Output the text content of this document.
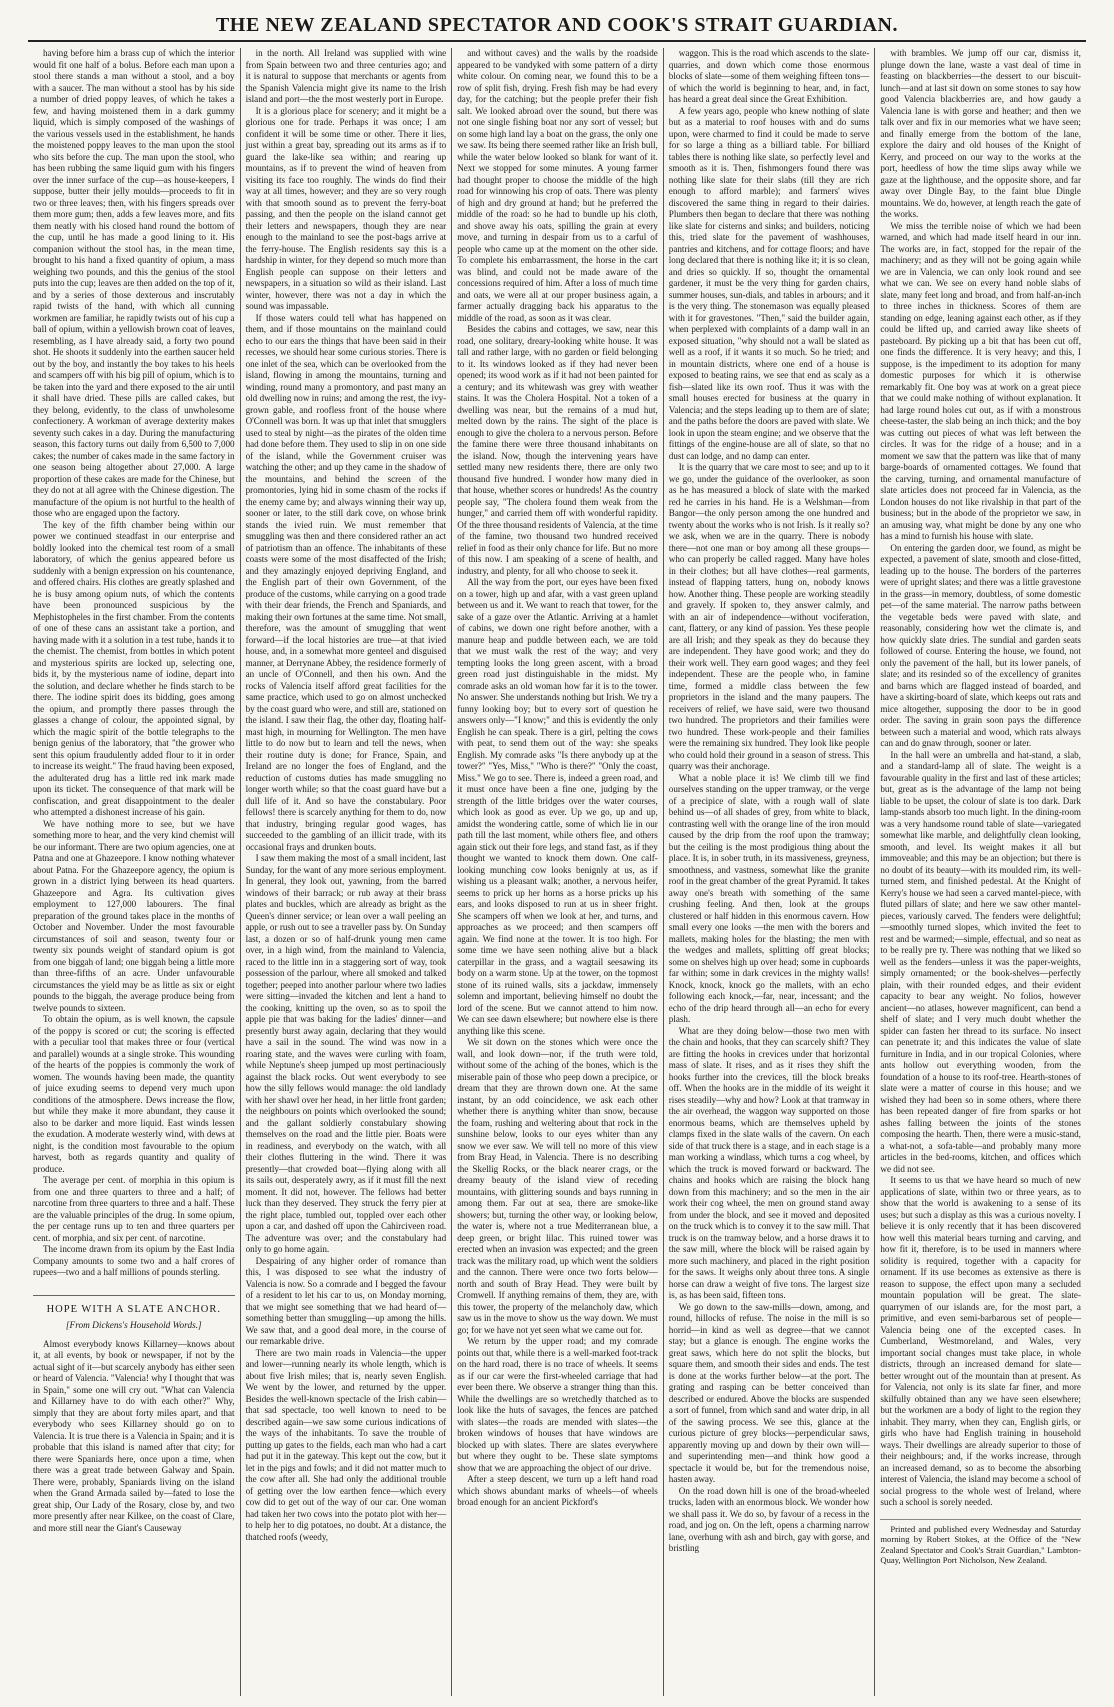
THE NEW ZEALAND SPECTATOR AND COOK'S STRAIT GUARDIAN.

having before him a brass cup of which the interior would fit one half of a bolus. Before each man upon a stool there stands a man without a stool, and a boy with a saucer. The man without a stool has by his side a number of dried poppy leaves, of which he takes a few, and having moistened them in a dark gummy liquid, which is simply composed of the washings of the various vessels used in the establishment, he hands the moistened poppy leaves to the man upon the stool who sits before the cup. The man upon the stool, who has been rubbing the same liquid gum with his fingers over the inner surface of the cup—as house-keepers, I suppose, butter their jelly moulds—proceeds to fit in two or three leaves; then, with his fingers spreads over them more gum; then, adds a few leaves more, and fits them neatly with his closed hand round the bottom of the cup, until he has made a good lining to it. His companion without the stool has, in the mean time, brought to his hand a fixed quantity of opium, a mass weighing two pounds, and this the genius of the stool puts into the cup; leaves are then added on the top of it, and by a series of those dexterous and inscrutably rapid twists of the hand, with which all cunning workmen are familiar, he rapidly twists out of his cup a ball of opium, within a yellowish brown coat of leaves, resembling, as I have already said, a forty two pound shot. He shoots it suddenly into the earthen saucer held out by the boy, and instantly the boy takes to his heels and scampers off with his big pill of opium, which is to be taken into the yard and there exposed to the air until it shall have dried. These pills are called cakes, but they belong, evidently, to the class of unwholesome confectionery. A workman of average dexterity makes seventy such cakes in a day. During the manufacturing season, this factory turns out daily from 6,500 to 7,000 cakes; the number of cakes made in the same factory in one season being altogether about 27,000. A large proportion of these cakes are made for the Chinese, but they do not at all agree with the Chinese digestion. The manufacture of the opium is not hurtful to the health of those who are engaged upon the factory.

The key of the fifth chamber being within our power we continued steadfast in our enterprise and boldly looked into the chemical test room of a small laboratory, of which the genius appeared before us suddenly with a benign expression on his countenance, and offered chairs. His clothes are greatly splashed and he is busy among opium nuts, of which the contents have been pronounced suspicious by the Mephistopheles in the first chamber. From the contents of one of these cans an assistant take a portion, and having made with it a solution in a test tube, hands it to the chemist. The chemist, from bottles in which potent and mysterious spirits are locked up, selecting one, bids it, by the mysterious name of iodine, depart into the solution, and declare whether he finds starch to be there. The iodine spirit does its bidding, goes among the opium, and promptly there passes through the glasses a change of colour, the appointed signal, by which the magic spirit of the bottle telegraphs to the benign genius of the laboratory, that "the grower who sent this opium fraudulently added flour to it in order to increase its weight." The fraud having been exposed, the adulterated drug has a little red ink mark made upon its ticket. The consequence of that mark will be confiscation, and great disappointment to the dealer who attempted a dishonest increase of his gain.

We have nothing more to see, but we have something more to hear, and the very kind chemist will be our informant. There are two opium agencies, one at Patna and one at Ghazeepore. I know nothing whatever about Patna. For the Ghazeepore agency, the opium is grown in a district lying between its head quarters. Ghazeepore and Agra. Its cultivation gives employment to 127,000 labourers. The final preparation of the ground takes place in the months of October and November. Under the most favourable circumstances of soil and season, twenty four or twenty six pounds weight of standard opium is got from one biggah of land; one biggah being a little more than three-fifths of an acre. Under unfavourable circumstances the yield may be as little as six or eight pounds to the biggah, the average produce being from twelve pounds to sixteen.

To obtain the opium, as is well known, the capsule of the poppy is scored or cut; the scoring is effected with a peculiar tool that makes three or four (vertical and parallel) wounds at a single stroke. This wounding of the hearts of the poppies is commonly the work of women. The wounds having been made, the quantity of juice exuding seems to depend very much upon conditions of the atmosphere. Dews increase the flow, but while they make it more abundant, they cause it also to be darker and more liquid. East winds lessen the exudation. A moderate westerly wind, with dews at night, is the condition most favourable to the opium harvest, both as regards quantity and quality of produce.

The average per cent. of morphia in this opium is from one and three quarters to three and a half; of narcotine from three quarters to three and a half. These are the valuable principles of the drug. In some opium, the per centage runs up to ten and three quarters per cent. of morphia, and six per cent. of narcotine.

The income drawn from its opium by the East India Company amounts to some two and a half crores of rupees—two and a half millions of pounds sterling.

HOPE WITH A SLATE ANCHOR.
[From Dickens's Household Words.]

Almost everybody knows Killarney—knows about it, at all events, by book or newspaper, if not by the actual sight of it—but scarcely anybody has either seen or heard of Valencia. "Valencia! why I thought that was in Spain," some one will cry out. "What can Valencia and Killarney have to do with each other?" Why, simply that they are about forty miles apart, and that everybody who sees Killarney should go on to Valencia. It is true there is a Valencia in Spain; and it is probable that this island is named after that city; for there were Spaniards here, once upon a time, when there was a great trade between Galway and Spain. There were, probably, Spaniards living on the island when the Grand Armada sailed by—fated to lose the great ship, Our Lady of the Rosary, close by, and two more presently after near Kilkee, on the coast of Clare, and more still near the Giant's Causeway

in the north. All Ireland was supplied with wine from Spain between two and three centuries ago; and it is natural to suppose that merchants or agents from the Spanish Valencia might give its name to the Irish island and port—the the most westerly port in Europe.

It is a glorious place for scenery; and it might be a glorious one for trade. Perhaps it was once; I am confident it will be some time or other. There it lies, just within a great bay, spreading out its arms as if to guard the lake-like sea within; and rearing up mountains, as if to prevent the wind of heaven from visiting its face too roughly. The winds do find their way at all times, however; and they are so very rough with that smooth sound as to prevent the ferry-boat passing, and then the people on the island cannot get their letters and newspapers, though they are near enough to the mainland to see the post-bags arrive at the ferry-house. The English residents say this is a hardship in winter, for they depend so much more than English people can suppose on their letters and newspapers, in a situation so wild as their island. Last winter, however, there was not a day in which the sound was impassable.

If those waters could tell what has happened on them, and if those mountains on the mainland could echo to our ears the things that have been said in their recesses, we should hear some curious stories. There is one inlet of the sea, which can be overlooked from the island, flowing in among the mountains, turning and winding, round many a promontory, and past many an old dwelling now in ruins; and among the rest, the ivy-grown gable, and roofless front of the house where O'Connell was born. It was up that inlet that smugglers used to steal by night—as the pirates of the olden time had done before them. They used to slip in on one side of the island, while the Government cruiser was watching the other; and up they came in the shadow of the mountains, and behind the screen of the promontories, lying hid in some chasm of the rocks if the enemy came by; and always winning their way up, sooner or later, to the still dark cove, on whose brink stands the ivied ruin. We must remember that smuggling was then and there considered rather an act of patriotism than an offence. The inhabitants of these coasts were some of the most disaffected of the Irish; and they amazingly enjoyed depriving England, and the English part of their own Government, of the produce of the customs, while carrying on a good trade with their dear friends, the French and Spaniards, and making their own fortunes at the same time. Not small, therefore, was the amount of smuggling that went forward—if the local histories are true—at that ivied house, and, in a somewhat more genteel and disguised manner, at Derrynane Abbey, the residence formerly of an uncle of O'Connell, and then his own. And the rocks of Valencia itself afford great facilities for the same practice, which used to go on almost unchecked by the coast guard who were, and still are, stationed on the island. I saw their flag, the other day, floating half-mast high, in mourning for Wellington. The men have little to do now but to learn and tell the news, when their routine duty is done; for France, Spain, and Ireland are no longer the foes of England, and the reduction of customs duties has made smuggling no longer worth while; so that the coast guard have but a dull life of it. And so have the constabulary. Poor fellows! there is scarcely anything for them to do, now that industry, bringing regular good wages, has succeeded to the gambling of an illicit trade, with its occasional frays and drunken bouts.

I saw them making the most of a small incident, last Sunday, for the want of any more serious employment. In general, they look out, yawning, from the barred windows of their barrack; or rub away at their brass plates and buckles, which are already as bright as the Queen's dinner service; or lean over a wall peeling an apple, or rush out to see a traveller pass by. On Sunday last, a dozen or so of half-drunk young men came over, in a high wind, from the mainland to Valencia, raced to the little inn in a staggering sort of way, took possession of the parlour, where all smoked and talked together; peeped into another parlour where two ladies were sitting—invaded the kitchen and lent a hand to the cooking, knitting up the oven, so as to spoil the apple pie that was baking for the ladies' dinner—and presently burst away again, declaring that they would have a sail in the sound. The wind was now in a roaring state, and the waves were curling with foam, while Neptune's sheep jumped up most pertinaciously against the black rocks. Out went everybody to see how the silly fellows would manage: the old landlady with her shawl over her head, in her little front garden; the neighbours on points which overlooked the sound; and the gallant soldierly constabulary showing themselves on the road and the little pier. Boats were in readiness, and everybody on the watch, with all their clothes fluttering in the wind. There it was presently—that crowded boat—flying along with all its sails out, desperately awry, as if it must fill the next moment. It did not, however. The fellows had better luck than they deserved. They struck the ferry pier at the right place, tumbled out, toppled over each other upon a car, and dashed off upon the Cahirciveen road. The adventure was over; and the constabulary had only to go home again.

Despairing of any higher order of romance than this, I was disposed to see what the industry of Valencia is now. So a comrade and I begged the favour of a resident to let his car to us, on Monday morning, that we might see something that we had heard of—something better than smuggling—up among the hills. We saw that, and a good deal more, in the course of our remarkable drive.

There are two main roads in Valencia—the upper and lower—running nearly its whole length, which is about five Irish miles; that is, nearly seven English. We went by the lower, and returned by the upper. Besides the well-known spectacle of the Irish cabin—that sad spectacle, too well known to need to be described again—we saw some curious indications of the ways of the inhabitants. To save the trouble of putting up gates to the fields, each man who had a cart had put it in the gateway. This kept out the cow, but it let in the pigs and fowls; and it did not matter much to the cow after all. She had only the additional trouble of getting over the low earthen fence—which every cow did to get out of the way of our car. One woman had taken her two cows into the potato plot with her—to help her to dig potatoes, no doubt. At a distance, the thatched roofs (weedy,

and without caves) and the walls by the roadside appeared to be vandyked with some pattern of a dirty white colour. On coming near, we found this to be a row of split fish, drying. Fresh fish may be had every day, for the catching; but the people prefer their fish salt. We looked abroad over the sound, but there was not one single fishing boat nor any sort of vessel; but on some high land lay a boat on the grass, the only one we saw. Its being there seemed rather like an Irish bull, while the water below looked so blank for want of it. Next we stopped for some minutes. A young farmer had thought proper to choose the middle of the high road for winnowing his crop of oats. There was plenty of high and dry ground at hand; but he preferred the middle of the road: so he had to bundle up his cloth, and shove away his oats, spilling the grain at every move, and turning in despair from us to a carful of people who came up at the moment on the other side. To complete his embarrassment, the horse in the cart was blind, and could not be made aware of the concessions required of him. After a loss of much time and oats, we were all at our proper business again, a farmer actually dragging back his apparatus to the middle of the road, as soon as it was clear.

Besides the cabins and cottages, we saw, near this road, one solitary, dreary-looking white house. It was tall and rather large, with no garden or field belonging to it. Its windows looked as if they had never been opened; its wood work as if it had not been painted for a century; and its whitewash was grey with weather stains. It was the Cholera Hospital. Not a token of a dwelling was near, but the remains of a mud hut, melted down by the rains. The sight of the place is enough to give the cholera to a nervous person. Before the famine there were three thousand inhabitants on the island. Now, though the intervening years have settled many new residents there, there are only two thousand five hundred. I wonder how many died in that house, whether scores or hundreds! As the country people say, "The cholera found them weak from the hunger," and carried them off with wonderful rapidity. Of the three thousand residents of Valencia, at the time of the famine, two thousand two hundred received relief in food as their only chance for life. But no more of this now. I am speaking of a scene of health, and industry, and plenty, for all who choose to seek it.

All the way from the port, our eyes have been fixed on a tower, high up and afar, with a vast green upland between us and it. We want to reach that tower, for the sake of a gaze over the Atlantic. Arriving at a hamlet of cabins, we down one right before another, with a manure heap and puddle between each, we are told that we must walk the rest of the way; and very tempting looks the long green ascent, with a broad green road just distinguishable in the midst. My comrade asks an old woman how far it is to the tower. No answer. She understands nothing but Irish. We try a funny looking boy; but to every sort of question he answers only—"I know;" and this is evidently the only English he can speak. There is a girl, pelting the cows with peat, to send them out of the way: she speaks English. My comrade asks "Is there anybody up at the tower?" "Yes, Miss," "Who is there?" "Only the coast, Miss." We go to see. There is, indeed a green road, and it must once have been a fine one, judging by the strength of the little bridges over the water courses, which look as good as ever. Up we go, up and up, amidst the wondering cattle, some of which lie in our path till the last moment, while others flee, and others again stick out their fore legs, and stand fast, as if they thought we wanted to knock them down. One calf-looking munching cow looks benignly at us, as if wishing us a pleasant walk; another, a nervous heifer, seems to prick up her horns as a horse pricks up his ears, and looks disposed to run at us in sheer fright. She scampers off when we look at her, and turns, and approaches as we proceed; and then scampers off again. We find none at the tower. It is too high. For some time we have seen nothing alive but a black caterpillar in the grass, and a wagtail seesawing its body on a warm stone. Up at the tower, on the topmost stone of its ruined walls, sits a jackdaw, immensely solemn and important, believing himself no doubt the lord of the scene. But we cannot attend to him now. We can see dawn elsewhere; but nowhere else is there anything like this scene.

We sit down on the stones which were once the wall, and look down—nor, if the truth were told, without some of the aching of the bones, which is the miserable pain of those who peep down a precipice, or dream that they are thrown down one. At the same instant, by an odd coincidence, we ask each other whether there is anything whiter than snow, because the foam, rushing and weltering about that rock in the sunshine below, looks to our eyes whiter than any snow we ever saw. We will tell no more of this view from Bray Head, in Valencia. There is no describing the Skellig Rocks, or the black nearer crags, or the dreamy beauty of the island view of receding mountains, with glittering sounds and bays running in among them. Far out at sea, there are smoke-like showers; but, turning the other way, or looking below, the water is, where not a true Mediterranean blue, a deep green, or bright lilac. This ruined tower was erected when an invasion was expected; and the green track was the military road, up which went the soldiers and the cannon. There were once two forts below—north and south of Bray Head. They were built by Cromwell. If anything remains of them, they are, with this tower, the property of the melancholy daw, which saw us in the move to show us the way down. We must go; for we have not yet seen what we came out for.

We return by the upper road; and my comrade points out that, while there is a well-marked foot-track on the hard road, there is no trace of wheels. It seems as if our car were the first-wheeled carriage that had ever been there. We observe a stranger thing than this. While the dwellings are so wretchedly thatched as to look like the huts of savages, the fences are patched with slates—the roads are mended with slates—the broken windows of houses that have windows are blocked up with slates. There are slates everywhere but where they ought to be. These slate symptoms show that we are approaching the object of our drive.

After a steep descent, we turn up a left hand road which shows abundant marks of wheels—of wheels broad enough for an ancient Pickford's

waggon. This is the road which ascends to the slate-quarries, and down which come those enormous blocks of slate—some of them weighing fifteen tons—of which the world is beginning to hear, and, in fact, has heard a great deal since the Great Exhibition.

A few years ago, people who knew nothing of slate but as a material to roof houses with and do sums upon, were charmed to find it could be made to serve for so large a thing as a billiard table. For billiard tables there is nothing like slate, so perfectly level and smooth as it is. Then, fishmongers found there was nothing like slate for their slabs (till they are rich enough to afford marble); and farmers' wives discovered the same thing in regard to their dairies. Plumbers then began to declare that there was nothing like slate for cisterns and sinks; and builders, noticing this, tried slate for the pavement of washhouses, pantries and kitchens, and for cottage floors; and have long declared that there is nothing like it; it is so clean, and dries so quickly. If so, thought the ornamental gardener, it must be the very thing for garden chairs, summer houses, sun-dials, and tables in arbours; and it is the very thing. The stonemason was equally pleased with it for gravestones. "Then," said the builder again, when perplexed with complaints of a damp wall in an exposed situation, "why should not a wall be slated as well as a roof, if it wants it so much. So he tried; and in mountain districts, where one end of a house is exposed to beating rains, we see that end as scaly as a fish—slated like its own roof. Thus it was with the small houses erected for business at the quarry in Valencia; and the steps leading up to them are of slate; and the paths before the doors are paved with slate. We look in upon the steam engine; and we observe that the fittings of the engine-house are all of slate, so that no dust can lodge, and no damp can enter.

It is the quarry that we care most to see; and up to it we go, under the guidance of the overlooker, as soon as he has measured a block of slate with the marked red he carries in his hand. He is a Welshman—from Bangor—the only person among the one hundred and twenty about the works who is not Irish. Is it really so? we ask, when we are in the quarry. There is nobody there—not one man or boy among all these groups—who can properly be called ragged. Many have holes in their clothes; but all have clothes—real garments, instead of flapping tatters, hung on, nobody knows how. Another thing. These people are working steadily and gravely. If spoken to, they answer calmly, and with an air of independence—without vociferation, cant, flattery, or any kind of passion. Yes these people are all Irish; and they speak as they do because they are independent. They have good work; and they do their work well. They earn good wages; and they feel independent. These are the people who, in famine time, formed a middle class between the few proprietors in the island and the many paupers. The receivers of relief, we have said, were two thousand two hundred. The proprietors and their families were two hundred. These work-people and their families were the remaining six hundred. They look like people who could hold their ground in a season of stress. This quarry was their anchorage.

What a noble place it is! We climb till we find ourselves standing on the upper tramway, or the verge of a precipice of slate, with a rough wall of slate behind us—of all shades of grey, from white to black, contrasting well with the orange line of the iron mould caused by the drip from the roof upon the tramway; but the ceiling is the most prodigious thing about the place. It is, in sober truth, in its massiveness, greyness, smoothness, and vastness, somewhat like the granite roof in the great chamber of the great Pyramid. It takes away one's breath with something of the same crushing feeling. And then, look at the groups clustered or half hidden in this enormous cavern. How small every one looks —the men with the borers and mallets, making holes for the blasting; the men with the wedges and mallets, splitting off great blocks; some on shelves high up over head; some in cupboards far within; some in dark crevices in the mighty walls! Knock, knock, knock go the mallets, with an echo following each knock,—far, near, incessant; and the echo of the drip heard through all—an echo for every plash.

What are they doing below—those two men with the chain and hooks, that they can scarcely shift? They are fitting the hooks in crevices under that horizontal mass of slate. It rises, and as it rises they shift the hooks further into the crevices, till the block breaks off. When the hooks are in the middle of its weight it rises steadily—why and how? Look at that tramway in the air overhead, the waggon way supported on those enormous beams, which are themselves upheld by clamps fixed in the slate walls of the cavern. On each side of that truck there is a stage, and in each stage is a man working a windlass, which turns a cog wheel, by which the truck is moved forward or backward. The chains and hooks which are raising the block hang down from this machinery; and so the men in the air work their cog wheel, the men on ground stand away from under the block, and see it moved and deposited on the truck which is to convey it to the saw mill. That truck is on the tramway below, and a horse draws it to the saw mill, where the block will be raised again by more such machinery, and placed in the right position for the saws. It weighs only about three tons. A single horse can draw a weight of five tons. The largest size is, as has been said, fifteen tons.

We go down to the saw-mills—down, among, and round, hillocks of refuse. The noise in the mill is so horrid—in kind as well as degree—that we cannot stay; but a glance is enough. The engine works the great saws, which here do not split the blocks, but square them, and smooth their sides and ends. The test is done at the works further below—at the port. The grating and rasping can be better conceived than described or endured. Above the blocks are suspended a sort of funnel, from which sand and water drip, in all of the sawing process. We see this, glance at the curious picture of grey blocks—perpendicular saws, apparently moving up and down by their own will—and superintending men—and think how good a spectacle it would be, but for the tremendous noise, hasten away.

On the road down hill is one of the broad-wheeled trucks, laden with an enormous block. We wonder how we shall pass it. We do so, by favour of a recess in the road, and jog on. On the left, opens a charming narrow lane, overhung with ash and birch, gay with gorse, and bristling

with brambles. We jump off our car, dismiss it, plunge down the lane, waste a vast deal of time in feasting on blackberries—the dessert to our biscuit-lunch—and at last sit down on some stones to say how good Valencia blackberries are, and how gaudy a Valencia lane is with gorse and heather; and then we talk over and fix in our memories what we have seen; and finally emerge from the bottom of the lane, explore the dairy and old houses of the Knight of Kerry, and proceed on our way to the works at the port, heedless of how the time slips away while we gaze at the lighthouse, and the opposite shore, and far away over Dingle Bay, to the faint blue Dingle mountains. We do, however, at length reach the gate of the works.

We miss the terrible noise of which we had been warned, and which had made itself heard in our inn. The works are, in fact, stopped for the repair of the machinery; and as they will not be going again while we are in Valencia, we can only look round and see what we can. We see on every hand noble slabs of slate, many feet long and broad, and from half-an-inch to three inches in thickness. Scores of them are standing on edge, leaning against each other, as if they could be lifted up, and carried away like sheets of pasteboard. By picking up a bit that has been cut off, one finds the difference. It is very heavy; and this, I suppose, is the impediment to its adoption for many domestic purposes for which it is otherwise remarkably fit. One boy was at work on a great piece that we could make nothing of without explanation. It had large round holes cut out, as if with a monstrous cheese-taster, the slab being an inch thick; and the boy was cutting out pieces of what was left between the circles. It was for the ridge of a house; and in a moment we saw that the pattern was like that of many barge-boards of ornamented cottages. We found that the carving, turning, and ornamental manufacture of slate articles does not proceed far in Valencia, as the London houses do not like rivalship in that part of the business; but in the abode of the proprietor we saw, in an amusing way, what might be done by any one who has a mind to furnish his house with slate.

On entering the garden door, we found, as might be expected, a pavement of slate, smooth and close-fitted, leading up to the house. The borders of the parterres were of upright slates; and there was a little gravestone in the grass—in memory, doubtless, of some domestic pet—of the same material. The narrow paths between the vegetable beds were paved with slate, and reasonably, considering how wet the climate is, and how quickly slate dries. The sundial and garden seats followed of course. Entering the house, we found, not only the pavement of the hall, but its lower panels, of slate; and its resinded so of the excellency of granites and barns which are flagged instead of boarded, and have a skirting-board of slate, which keeps out rats and mice altogether, supposing the door to be in good order. The saving in grain soon pays the difference between such a material and wood, which rats always can and do gnaw through, sooner or later.

In the hall were an umbrella and hat-stand, a slab, and a standard-lamp all of slate. The weight is a favourable quality in the first and last of these articles; but, great as is the advantage of the lamp not being liable to be upset, the colour of slate is too dark. Dark lamp-stands absorb too much light. In the dining-room was a very handsome round table of slate—variegated somewhat like marble, and delightfully clean looking, smooth, and level. Its weight makes it all but immoveable; and this may be an objection; but there is no doubt of its beauty—with its moulded rim, its well-turned stem, and finished pedestal. At the Knight of Kerry's house we had seen a carved mantel-piece, with fluted pillars of slate; and here we saw other mantel-pieces, variously carved. The fenders were delightful;—smoothly turned slopes, which invited the feet to rest and be warmed;—simple, effectual, and so neat as to be really pre ty. There was nothing that we liked so well as the fenders—unless it was the paper-weights, simply ornamented; or the book-shelves—perfectly plain, with their rounded edges, and their evident capacity to bear any weight. No folios, however ancient—no atlases, however magnificent, can bend a shelf of slate; and I very much doubt whether the spider can fasten her thread to its surface. No insect can penetrate it; and this indicates the value of slate furniture in India, and in our tropical Colonies, where ants hollow out everything wooden, from the foundation of a house to its roof-tree. Hearth-stones of slate were a matter of course in this house; and we wished they had been so in some others, where there has been repeated danger of fire from sparks or hot ashes falling between the joints of the stones composing the hearth. Then, there were a music-stand, a what-not, a sofa-table—and probably many more articles in the bed-rooms, kitchen, and offices which we did not see.

It seems to us that we have heard so much of new applications of slate, within two or three years, as to show that the world is awakening to a sense of its uses; but such a display as this was a curious novelty. I believe it is only recently that it has been discovered how well this material bears turning and carving, and how fit it, therefore, is to be used in manners where solidity is required, together with a capacity for ornament. If its use becomes as extensive as there is reason to suppose, the effect upon many a secluded mountain population will be great. The slate-quarrymen of our islands are, for the most part, a primitive, and even semi-barbarous set of people—Valencia being one of the excepted cases. In Cumberland, Westmoreland, and Wales, very important social changes must take place, in whole districts, through an increased demand for slate—better wrought out of the mountain than at present. As for Valencia, not only is its slate far finer, and more skilfully obtained than any we have seen elsewhere; but the workmen are a body of light to the region they inhabit. They marry, when they can, English girls, or girls who have had English training in household ways. Their dwellings are already superior to those of their neighbours; and, if the works increase, through an increased demand, so as to become the absorbing interest of Valencia, the island may become a school of social progress to the whole west of Ireland, where such a school is sorely needed.

Printed and published every Wednesday and Saturday morning by Robert Stokes, at the Office of the "New Zealand Spectator and Cook's Strait Guardian," Lambton-Quay, Wellington Port Nicholson, New Zealand.
